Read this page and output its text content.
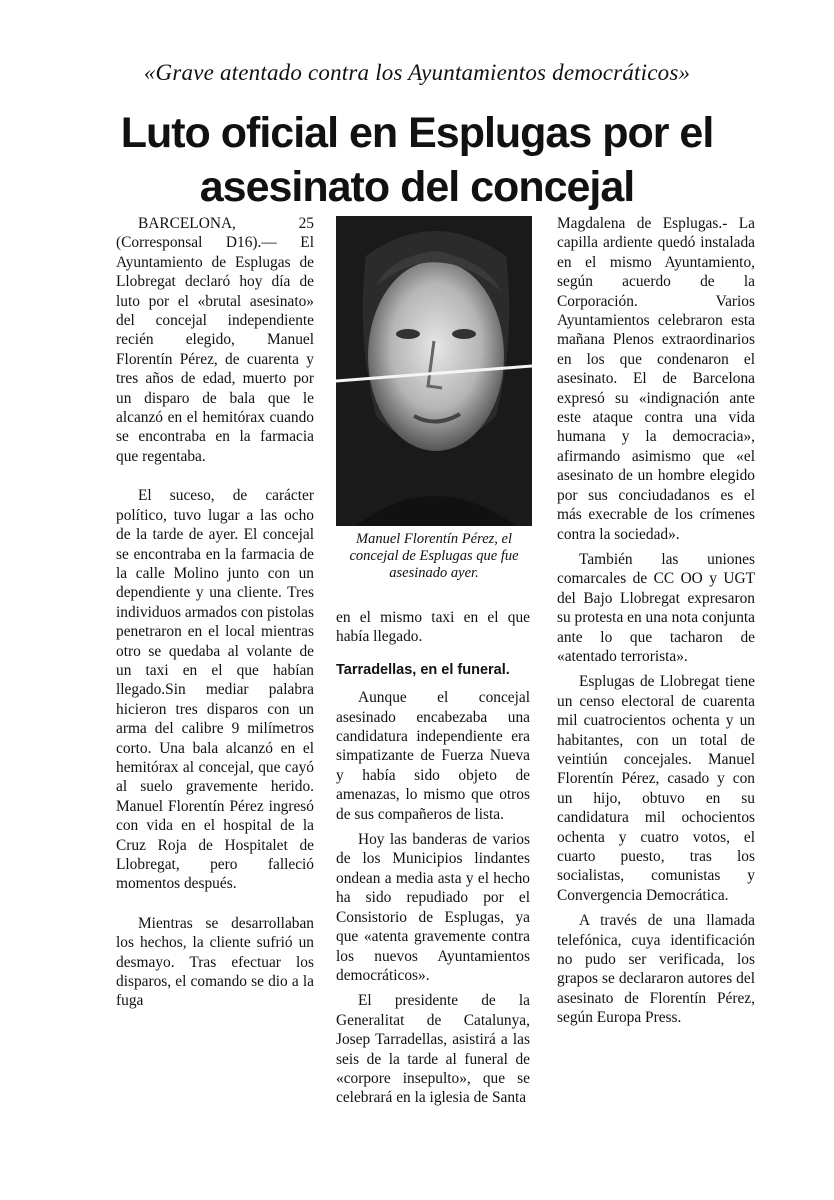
«Grave atentado contra los Ayuntamientos democráticos»
Luto oficial en Esplugas por el
asesinato del concejal

BARCELONA, 25 (Corresponsal D16).— El Ayuntamiento de Esplugas de Llobregat declaró hoy día de luto por el «brutal asesinato» del concejal independiente recién elegido, Manuel Florentín Pérez, de cuarenta y tres años de edad, muerto por un disparo de bala que le alcanzó en el hemitórax cuando se encontraba en la farmacia que regentaba.

El suceso, de carácter político, tuvo lugar a las ocho de la tarde de ayer. El concejal se encontraba en la farmacia de la calle Molino junto con un dependiente y una cliente. Tres individuos armados con pistolas penetraron en el local mientras otro se quedaba al volante de un taxi en el que habían llegado.Sin mediar palabra hicieron tres disparos con un arma del calibre 9 milímetros corto. Una bala alcanzó en el hemitórax al concejal, que cayó al suelo gravemente herido. Manuel Florentín Pérez ingresó con vida en el hospital de la Cruz Roja de Hospitalet de Llobregat, pero falleció momentos después.

Mientras se desarrollaban los hechos, la cliente sufrió un desmayo. Tras efectuar los disparos, el comando se dio a la fuga

Manuel Florentín Pérez, el concejal de Esplugas que fue asesinado ayer.

en el mismo taxi en el que había llegado.

Tarradellas, en el funeral.

Aunque el concejal asesinado encabezaba una candidatura independiente era simpatizante de Fuerza Nueva y había sido objeto de amenazas, lo mismo que otros de sus compañeros de lista.

Hoy las banderas de varios de los Municipios lindantes ondean a media asta y el hecho ha sido repudiado por el Consistorio de Esplugas, ya que «atenta gravemente contra los nuevos Ayuntamientos democráticos».

El presidente de la Generalitat de Catalunya, Josep Tarradellas, asistirá a las seis de la tarde al funeral de «corpore insepulto», que se celebrará en la iglesia de Santa

Magdalena de Esplugas.- La capilla ardiente quedó instalada en el mismo Ayuntamiento, según acuerdo de la Corporación. Varios Ayuntamientos celebraron esta mañana Plenos extraordinarios en los que condenaron el asesinato. El de Barcelona expresó su «indignación ante este ataque contra una vida humana y la democracia», afirmando asimismo que «el asesinato de un hombre elegido por sus conciudadanos es el más execrable de los crímenes contra la sociedad».

También las uniones comarcales de CC OO y UGT del Bajo Llobregat expresaron su protesta en una nota conjunta ante lo que tacharon de «atentado terrorista».

Esplugas de Llobregat tiene un censo electoral de cuarenta mil cuatrocientos ochenta y un habitantes, con un total de veintiún concejales. Manuel Florentín Pérez, casado y con un hijo, obtuvo en su candidatura mil ochocientos ochenta y cuatro votos, el cuarto puesto, tras los socialistas, comunistas y Convergencia Democrática.

A través de una llamada telefónica, cuya identificación no pudo ser verificada, los grapos se declararon autores del asesinato de Florentín Pérez, según Europa Press.
